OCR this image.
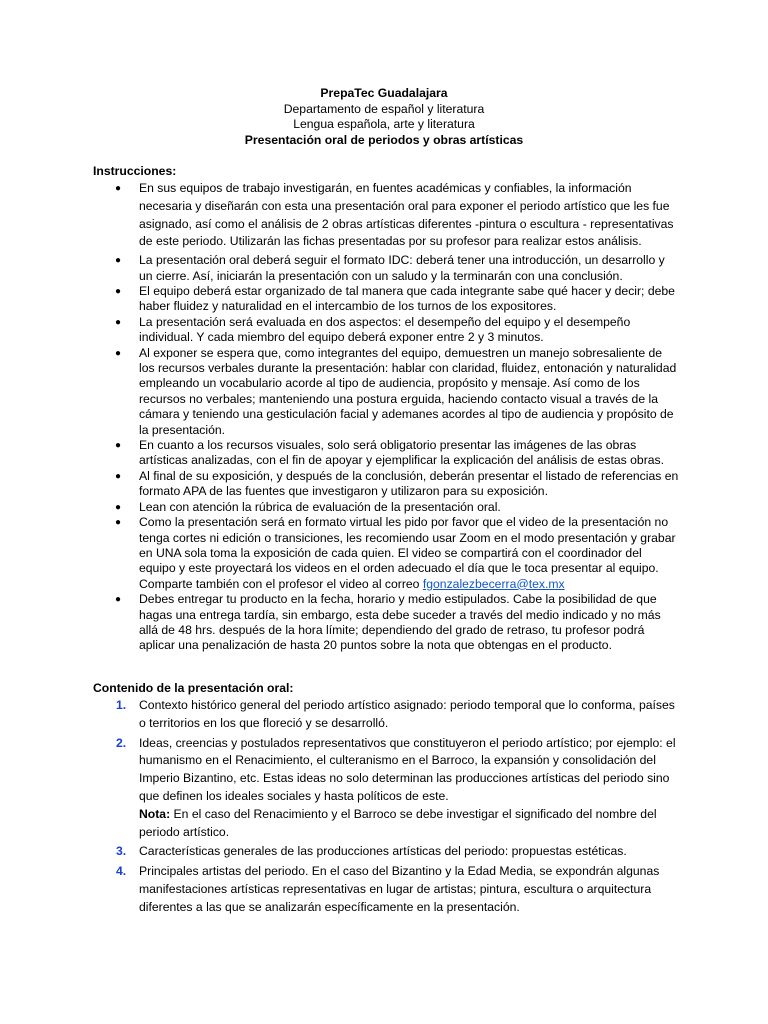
PrepaTec Guadalajara
Departamento de español y literatura
Lengua española, arte y literatura
Presentación oral de periodos y obras artísticas
Instrucciones:
● En sus equipos de trabajo investigarán, en fuentes académicas y confiables, la información necesaria y diseñarán con esta una presentación oral para exponer el periodo artístico que les fue asignado, así como el análisis de 2 obras artísticas diferentes -pintura o escultura - representativas de este periodo. Utilizarán las fichas presentadas por su profesor para realizar estos análisis.
● La presentación oral deberá seguir el formato IDC: deberá tener una introducción, un desarrollo y un cierre. Así, iniciarán la presentación con un saludo y la terminarán con una conclusión.
● El equipo deberá estar organizado de tal manera que cada integrante sabe qué hacer y decir; debe haber fluidez y naturalidad en el intercambio de los turnos de los expositores.
● La presentación será evaluada en dos aspectos: el desempeño del equipo y el desempeño individual. Y cada miembro del equipo deberá exponer entre 2 y 3 minutos.
● Al exponer se espera que, como integrantes del equipo, demuestren un manejo sobresaliente de los recursos verbales durante la presentación: hablar con claridad, fluidez, entonación y naturalidad empleando un vocabulario acorde al tipo de audiencia, propósito y mensaje. Así como de los recursos no verbales; manteniendo una postura erguida, haciendo contacto visual a través de la cámara y teniendo una gesticulación facial y ademanes acordes al tipo de audiencia y propósito de la presentación.
● En cuanto a los recursos visuales, solo será obligatorio presentar las imágenes de las obras artísticas analizadas, con el fin de apoyar y ejemplificar la explicación del análisis de estas obras.
● Al final de su exposición, y después de la conclusión, deberán presentar el listado de referencias en formato APA de las fuentes que investigaron y utilizaron para su exposición.
● Lean con atención la rúbrica de evaluación de la presentación oral.
● Como la presentación será en formato virtual les pido por favor que el video de la presentación no tenga cortes ni edición o transiciones, les recomiendo usar Zoom en el modo presentación y grabar en UNA sola toma la exposición de cada quien. El video se compartirá con el coordinador del equipo y este proyectará los videos en el orden adecuado el día que le toca presentar al equipo. Comparte también con el profesor el video al correo fgonzalezbecerra@tex.mx
● Debes entregar tu producto en la fecha, horario y medio estipulados. Cabe la posibilidad de que hagas una entrega tardía, sin embargo, esta debe suceder a través del medio indicado y no más allá de 48 hrs. después de la hora límite; dependiendo del grado de retraso, tu profesor podrá aplicar una penalización de hasta 20 puntos sobre la nota que obtengas en el producto.
Contenido de la presentación oral:
1. Contexto histórico general del periodo artístico asignado: periodo temporal que lo conforma, países o territorios en los que floreció y se desarrolló.
2. Ideas, creencias y postulados representativos que constituyeron el periodo artístico; por ejemplo: el humanismo en el Renacimiento, el culteranismo en el Barroco, la expansión y consolidación del Imperio Bizantino, etc. Estas ideas no solo determinan las producciones artísticas del periodo sino que definen los ideales sociales y hasta políticos de este.
Nota: En el caso del Renacimiento y el Barroco se debe investigar el significado del nombre del periodo artístico.
3. Características generales de las producciones artísticas del periodo: propuestas estéticas.
4. Principales artistas del periodo. En el caso del Bizantino y la Edad Media, se expondrán algunas manifestaciones artísticas representativas en lugar de artistas; pintura, escultura o arquitectura diferentes a las que se analizarán específicamente en la presentación.
